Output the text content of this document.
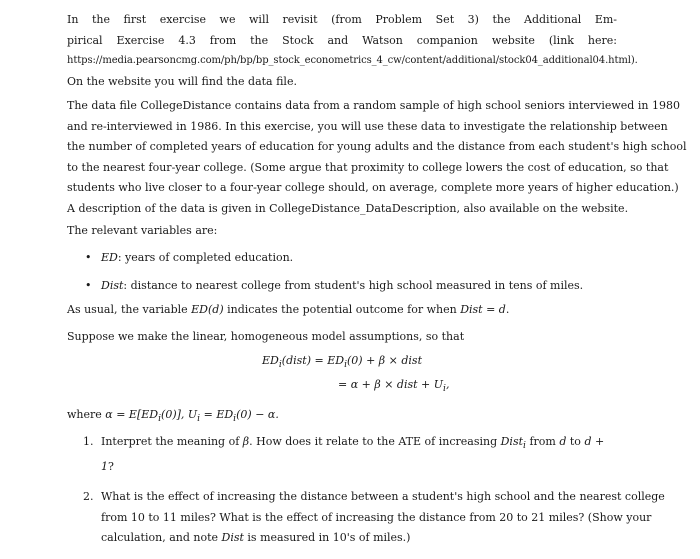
In the first exercise we will revisit (from Problem Set 3) the Additional Em-
pirical Exercise 4.3 from the Stock and Watson companion website (link here:
https://media.pearsoncmg.com/ph/bp/bp_stock_econometrics_4_cw/content/additional/stock04_additional04.html).
On the website you will find the data file.
The data file CollegeDistance contains data from a random sample of high school seniors interviewed in 1980
and re-interviewed in 1986. In this exercise, you will use these data to investigate the relationship between
the number of completed years of education for young adults and the distance from each student's high school
to the nearest four-year college. (Some argue that proximity to college lowers the cost of education, so that
students who live closer to a four-year college should, on average, complete more years of higher education.)
A description of the data is given in CollegeDistance_DataDescription, also available on the website.
The relevant variables are:
• ED: years of completed education.
• Dist: distance to nearest college from student's high school measured in tens of miles.
As usual, the variable ED(d) indicates the potential outcome for when Dist = d.
Suppose we make the linear, homogeneous model assumptions, so that
$ED_i(dist) = ED_i(0) + \beta$ × dist
= α + β × dist + $U_i$,
where $\alpha = E[ED_i(0)]$, $U_i = ED_i(0) - \alpha$.
1. Interpret the meaning of β. How does it relate to the ATE of increasing Dist$_i$ from d to d + 1?
2. What is the effect of increasing the distance between a student's high school and the nearest college
from 10 to 11 miles? What is the effect of increasing the distance from 20 to 21 miles? (Show your
calculation, and note Dist is measured in 10's of miles.)
